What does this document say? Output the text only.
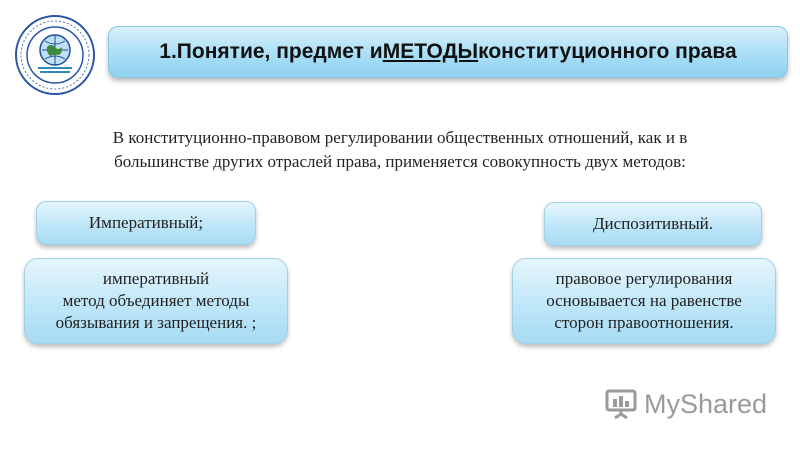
1.Понятие, предмет и МЕТОДЫ конституционного права
В конституционно-правовом регулировании общественных отношений, как и в
большинстве других отраслей права, применяется совокупность двух методов:
Императивный;	Диспозитивный.
императивный
метод объединяет методы
обязывания и запрещения. ;
правовое регулирования
основывается на равенстве
сторон правоотношения.
MyShared
